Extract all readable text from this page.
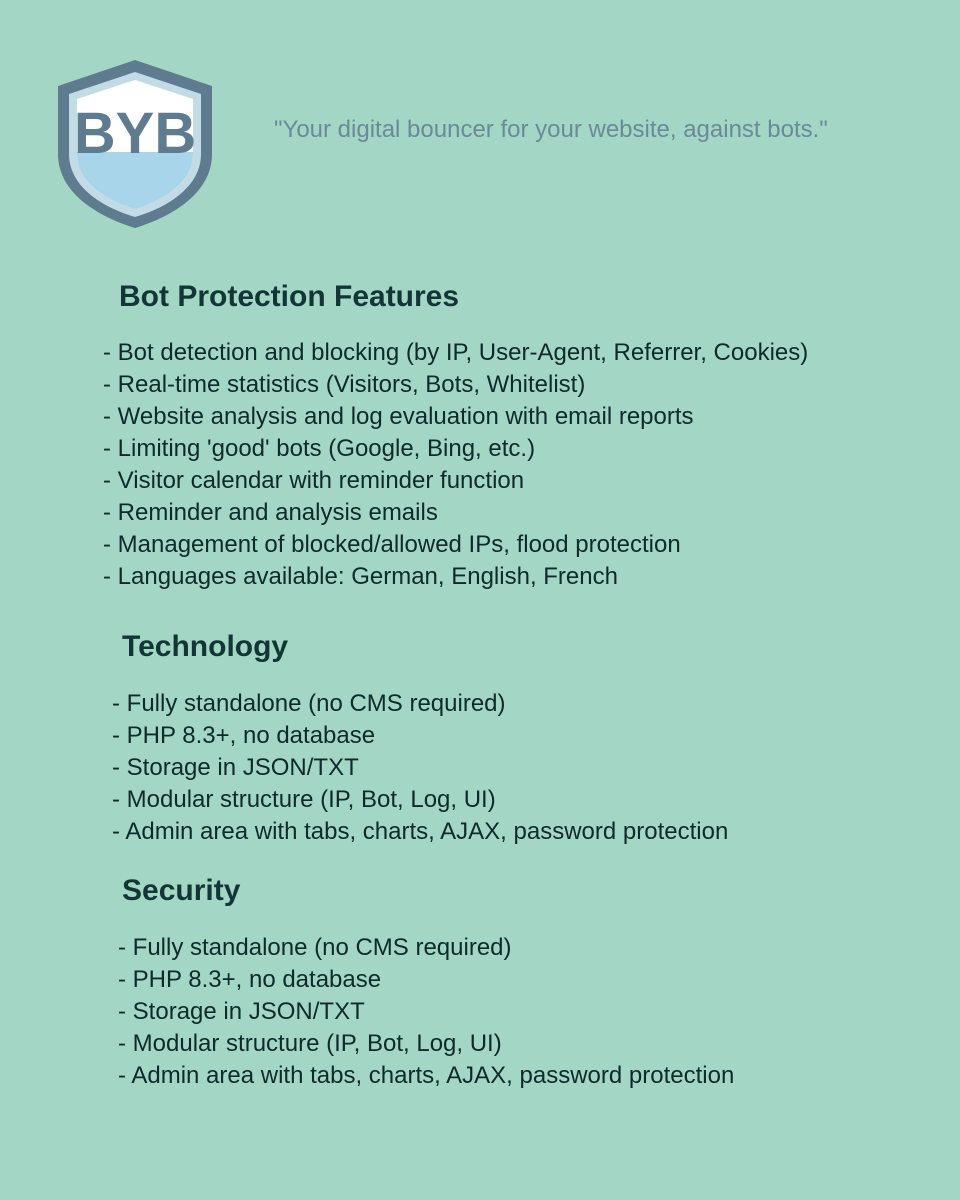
BYB	"Your digital bouncer for your website, against bots."
Bot Protection Features
- Bot detection and blocking (by IP, User-Agent, Referrer, Cookies)
- Real-time statistics (Visitors, Bots, Whitelist)
- Website analysis and log evaluation with email reports
- Limiting 'good' bots (Google, Bing, etc.)
- Visitor calendar with reminder function
- Reminder and analysis emails
- Management of blocked/allowed IPs, flood protection
- Languages available: German, English, French
Technology
- Fully standalone (no CMS required)
- PHP 8.3+, no database
- Storage in JSON/TXT
- Modular structure (IP, Bot, Log, UI)
- Admin area with tabs, charts, AJAX, password protection
Security
- Fully standalone (no CMS required)
- PHP 8.3+, no database
- Storage in JSON/TXT
- Modular structure (IP, Bot, Log, UI)
- Admin area with tabs, charts, AJAX, password protection
